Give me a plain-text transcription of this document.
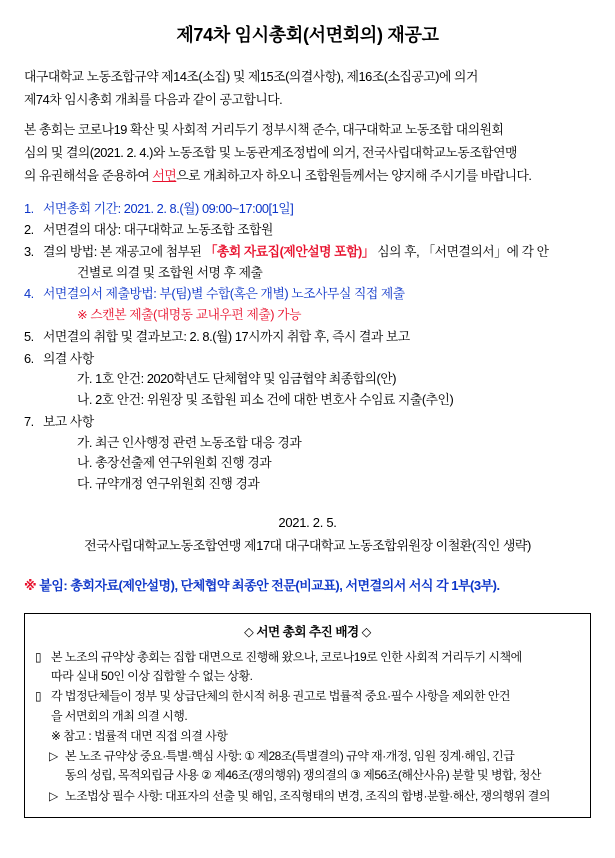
제74차 임시총회(서면회의) 재공고
대구대학교 노동조합규약 제14조(소집) 및 제15조(의결사항), 제16조(소집공고)에 의거
제74차 임시총회 개최를 다음과 같이 공고합니다.
본 총회는 코로나19 확산 및 사회적 거리두기 정부시책 준수, 대구대학교 노동조합 대의원회
심의 및 결의(2021. 2. 4.)와 노동조합 및 노동관계조정법에 의거, 전국사립대학교노동조합연맹
의 유권해석을 준용하여 서면으로 개최하고자 하오니 조합원들께서는 양지해 주시기를 바랍니다.
1. 서면총회 기간: 2021. 2. 8.(월) 09:00~17:00[1일]
2. 서면결의 대상: 대구대학교 노동조합 조합원
3. 결의 방법: 본 재공고에 첨부된 「총회 자료집(제안설명 포함)」 심의 후, 「서면결의서」에 각 안
건별로 의결 및 조합원 서명 후 제출
4. 서면결의서 제출방법: 부(팀)별 수합(혹은 개별) 노조사무실 직접 제출
※ 스캔본 제출(대명동 교내우편 제출) 가능
5. 서면결의 취합 및 결과보고: 2. 8.(월) 17시까지 취합 후, 즉시 결과 보고
6. 의결 사항
가. 1호 안건: 2020학년도 단체협약 및 임금협약 최종합의(안)
나. 2호 안건: 위원장 및 조합원 피소 건에 대한 변호사 수임료 지출(추인)
7. 보고 사항
가. 최근 인사행정 관련 노동조합 대응 경과
나. 총장선출제 연구위원회 진행 경과
다. 규약개정 연구위원회 진행 경과
2021. 2. 5.
전국사립대학교노동조합연맹 제17대 대구대학교 노동조합위원장 이철환(직인 생략)
※ 붙임: 총회자료(제안설명), 단체협약 최종안 전문(비교표), 서면결의서 서식 각 1부(3부).
◇ 서면 총회 추진 배경 ◇
▯ 본 노조의 규약상 총회는 집합 대면으로 진행해 왔으나, 코로나19로 인한 사회적 거리두기 시책에
따라 실내 50인 이상 집합할 수 없는 상황.
▯ 각 법정단체들이 정부 및 상급단체의 한시적 허용 권고로 법률적 중요·필수 사항을 제외한 안건
을 서면회의 개최 의결 시행.
※ 참고 : 법률적 대면 직접 의결 사항
▷ 본 노조 규약상 중요·특별·핵심 사항: ① 제28조(특별결의) 규약 재·개정, 임원 징계·해임, 긴급
동의 성립, 목적외립금 사용 ② 제46조(쟁의행위) 쟁의결의 ③ 제56조(해산사유) 분할 및 병합, 청산
▷ 노조법상 필수 사항: 대표자의 선출 및 해임, 조직형태의 변경, 조직의 합병·분할·해산, 쟁의행위 결의
